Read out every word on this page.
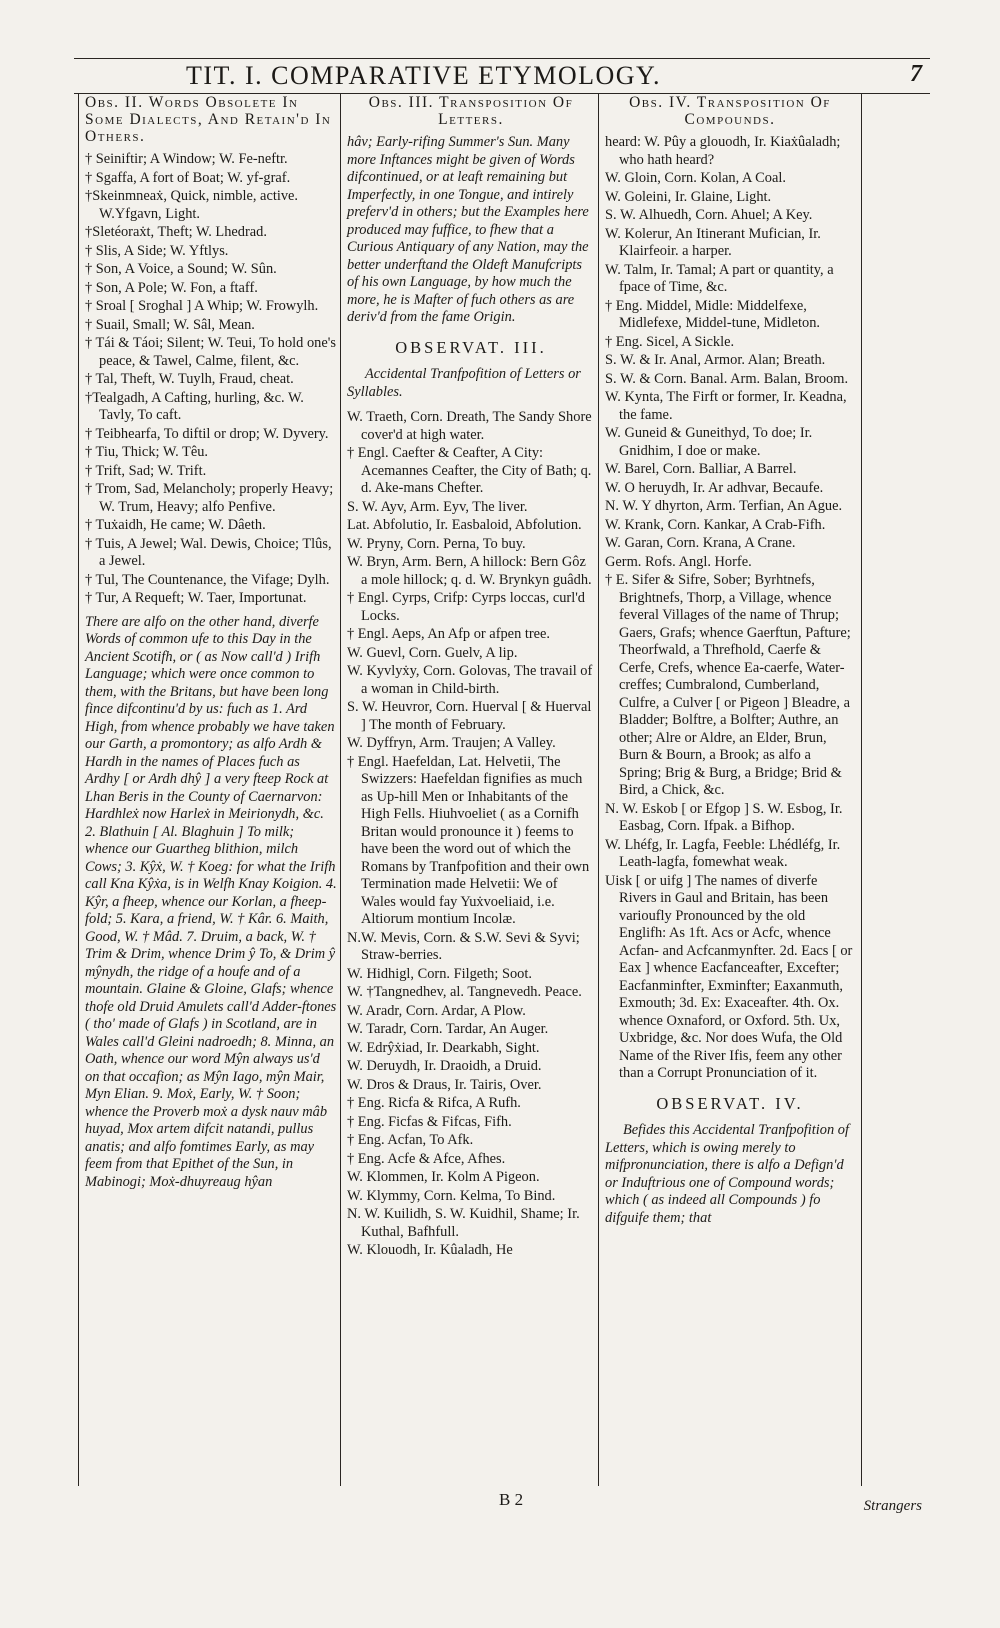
TIT. I. COMPARATIVE ETYMOLOGY.	7
Obs. II. Words Obsolete In Some Dialects, And Retain'd In Others.
† Seiniftir; A Window; W. Fe-neftr.
† Sgaffa, A fort of Boat; W. yf-graf.
†Skeinmneaẋ, Quick, nimble, active. W.Yfgavn, Light.
†Sletéoraẋt, Theft; W. Lhedrad.
† Slis, A Side; W. Yftlys.
† Son, A Voice, a Sound; W. Sûn.
† Son, A Pole; W. Fon, a ftaff.
† Sroal [ Sroghal ] A Whip; W. Frowylh.
† Suail, Small; W. Sâl, Mean.
† Tái & Táoi; Silent; W. Teui, To hold one's peace, & Tawel, Calme, filent, &c.
† Tal, Theft, W. Tuylh, Fraud, cheat.
†Tealgadh, A Cafting, hurling, &c. W. Tavly, To caft.
† Teibhearfa, To diftil or drop; W. Dyvery.
† Tiu, Thick; W. Têu.
† Trift, Sad; W. Trift.
† Trom, Sad, Melancholy; properly Heavy; W. Trum, Heavy; alfo Penfive.
† Tuẋaidh, He came; W. Dâeth.
† Tuis, A Jewel; Wal. Dewis, Choice; Tlûs, a Jewel.
† Tul, The Countenance, the Vifage; Dylh.
† Tur, A Requeft; W. Taer, Importunat.
There are alfo on the other hand, diverfe Words of common ufe to this Day in the Ancient Scotifh, or ( as Now call'd ) Irifh Language; which were once common to them, with the Britans, but have been long fince difcontinu'd by us: fuch as 1. Ard High, from whence probably we have taken our Garth, a promontory; as alfo Ardh & Hardh in the names of Places fuch as Ardhy [ or Ardh dhŷ ] a very fteep Rock at Lhan Beris in the County of Caernarvon: Hardhleẋ now Harleẋ in Meirionydh, &c. 2. Blathuin [ Al. Blaghuin ] To milk; whence our Guartheg blithion, milch Cows; 3. Kŷẋ, W. † Koeg: for what the Irifh call Kna Kŷẋa, is in Welfh Knay Koigion. 4. Kŷr, a fheep, whence our Korlan, a fheep-fold; 5. Kara, a friend, W. † Kâr. 6. Maith, Good, W. † Mâd. 7. Druim, a back, W. † Trim & Drim, whence Drim ŷ To, & Drim ŷ mŷnydh, the ridge of a houfe and of a mountain. Glaine & Gloine, Glafs; whence thofe old Druid Amulets call'd Adder-ftones ( tho' made of Glafs ) in Scotland, are in Wales call'd Gleini nadroedh; 8. Minna, an Oath, whence our word Mŷn always us'd on that occafion; as Mŷn Iago, mŷn Mair, Myn Elian. 9. Moẋ, Early, W. † Soon; whence the Proverb moẋ a dysk nauv mâb huyad, Mox artem difcit natandi, pullus anatis; and alfo fomtimes Early, as may feem from that Epithet of the Sun, in Mabinogi; Moẋ-dhuyreaug hŷan
Obs. III. Transposition Of Letters.
hâv; Early-rifing Summer's Sun. Many more Inftances might be given of Words difcontinued, or at leaft remaining but Imperfectly, in one Tongue, and intirely preferv'd in others; but the Examples here produced may fuffice, to fhew that a Curious Antiquary of any Nation, may the better underftand the Oldeft Manufcripts of his own Language, by how much the more, he is Mafter of fuch others as are deriv'd from the fame Origin.
OBSERVAT. III.
Accidental Tranfpofition of Letters or Syllables.
W. Traeth, Corn. Dreath, The Sandy Shore cover'd at high water.
† Engl. Caefter & Ceafter, A City: Acemannes Ceafter, the City of Bath; q. d. Ake-mans Chefter.
S. W. Ayv, Arm. Eyv, The liver.
Lat. Abfolutio, Ir. Easbaloid, Abfolution.
W. Pryny, Corn. Perna, To buy.
W. Bryn, Arm. Bern, A hillock: Bern Gôz a mole hillock; q. d. W. Brynkyn guâdh.
† Engl. Cyrps, Crifp: Cyrps loccas, curl'd Locks.
† Engl. Aeps, An Afp or afpen tree.
W. Guevl, Corn. Guelv, A lip.
W. Kyvlyẋy, Corn. Golovas, The travail of a woman in Child-birth.
S. W. Heuvror, Corn. Huerval [ & Huerval ] The month of February.
W. Dyffryn, Arm. Traujen; A Valley.
† Engl. Haefeldan, Lat. Helvetii, The Swizzers: Haefeldan fignifies as much as Up-hill Men or Inhabitants of the High Fells. Hiuhvoeliet ( as a Cornifh Britan would pronounce it ) feems to have been the word out of which the Romans by Tranfpofition and their own Termination made Helvetii: We of Wales would fay Yuẋvoeliaid, i.e. Altiorum montium Incolæ.
N.W. Mevis, Corn. & S.W. Sevi & Syvi; Straw-berries.
W. Hidhigl, Corn. Filgeth; Soot.
W. †Tangnedhev, al. Tangnevedh. Peace.
W. Aradr, Corn. Ardar, A Plow.
W. Taradr, Corn. Tardar, An Auger.
W. Edrŷẋiad, Ir. Dearkabh, Sight.
W. Deruydh, Ir. Draoidh, a Druid.
W. Dros & Draus, Ir. Tairis, Over.
† Eng. Ricfa & Rifca, A Rufh.
† Eng. Ficfas & Fifcas, Fifh.
† Eng. Acfan, To Afk.
† Eng. Acfe & Afce, Afhes.
W. Klommen, Ir. Kolm A Pigeon.
W. Klymmy, Corn. Kelma, To Bind.
N. W. Kuilidh, S. W. Kuidhil, Shame; Ir. Kuthal, Bafhfull.
W. Klouodh, Ir. Kûaladh, He
Obs. IV. Transposition Of Compounds.
heard: W. Pûy a glouodh, Ir. Kiaẋûaladh; who hath heard?
W. Gloin, Corn. Kolan, A Coal.
W. Goleini, Ir. Glaine, Light.
S. W. Alhuedh, Corn. Ahuel; A Key.
W. Kolerur, An Itinerant Mufician, Ir. Klairfeoir. a harper.
W. Talm, Ir. Tamal; A part or quantity, a fpace of Time, &c.
† Eng. Middel, Midle: Middelfexe, Midlefexe, Middel-tune, Midleton.
† Eng. Sicel, A Sickle.
S. W. & Ir. Anal, Armor. Alan; Breath.
S. W. & Corn. Banal. Arm. Balan, Broom.
W. Kynta, The Firft or former, Ir. Keadna, the fame.
W. Guneid & Guneithyd, To doe; Ir. Gnidhim, I doe or make.
W. Barel, Corn. Balliar, A Barrel.
W. O heruydh, Ir. Ar adhvar, Becaufe.
N. W. Y dhyrton, Arm. Terfian, An Ague.
W. Krank, Corn. Kankar, A Crab-Fifh.
W. Garan, Corn. Krana, A Crane.
Germ. Rofs. Angl. Horfe.
† E. Sifer & Sifre, Sober; Byrhtnefs, Brightnefs, Thorp, a Village, whence feveral Villages of the name of Thrup; Gaers, Grafs; whence Gaerftun, Pafture; Theorfwald, a Threfhold, Caerfe & Cerfe, Crefs, whence Ea-caerfe, Water-creffes; Cumbralond, Cumberland, Culfre, a Culver [ or Pigeon ] Bleadre, a Bladder; Bolftre, a Bolfter; Authre, an other; Alre or Aldre, an Elder, Brun, Burn & Bourn, a Brook; as alfo a Spring; Brig & Burg, a Bridge; Brid & Bird, a Chick, &c.
N. W. Eskob [ or Efgop ] S. W. Esbog, Ir. Easbag, Corn. Ifpak. a Bifhop.
W. Lhéfg, Ir. Lagfa, Feeble: Lhédléfg, Ir. Leath-lagfa, fomewhat weak.
Uisk [ or uifg ] The names of diverfe Rivers in Gaul and Britain, has been varioufly Pronounced by the old Englifh: As 1ft. Acs or Acfc, whence Acfan- and Acfcanmynfter. 2d. Eacs [ or Eax ] whence Eacfanceafter, Excefter; Eacfanminfter, Exminfter; Eaxanmuth, Exmouth; 3d. Ex: Exaceafter. 4th. Ox. whence Oxnaford, or Oxford. 5th. Ux, Uxbridge, &c. Nor does Wufa, the Old Name of the River Ifis, feem any other than a Corrupt Pronunciation of it.
OBSERVAT. IV.
Befides this Accidental Tranfpofition of Letters, which is owing merely to mifpronunciation, there is alfo a Defign'd or Induftrious one of Compound words; which ( as indeed all Compounds ) fo difguife them; that
B 2	Strangers
